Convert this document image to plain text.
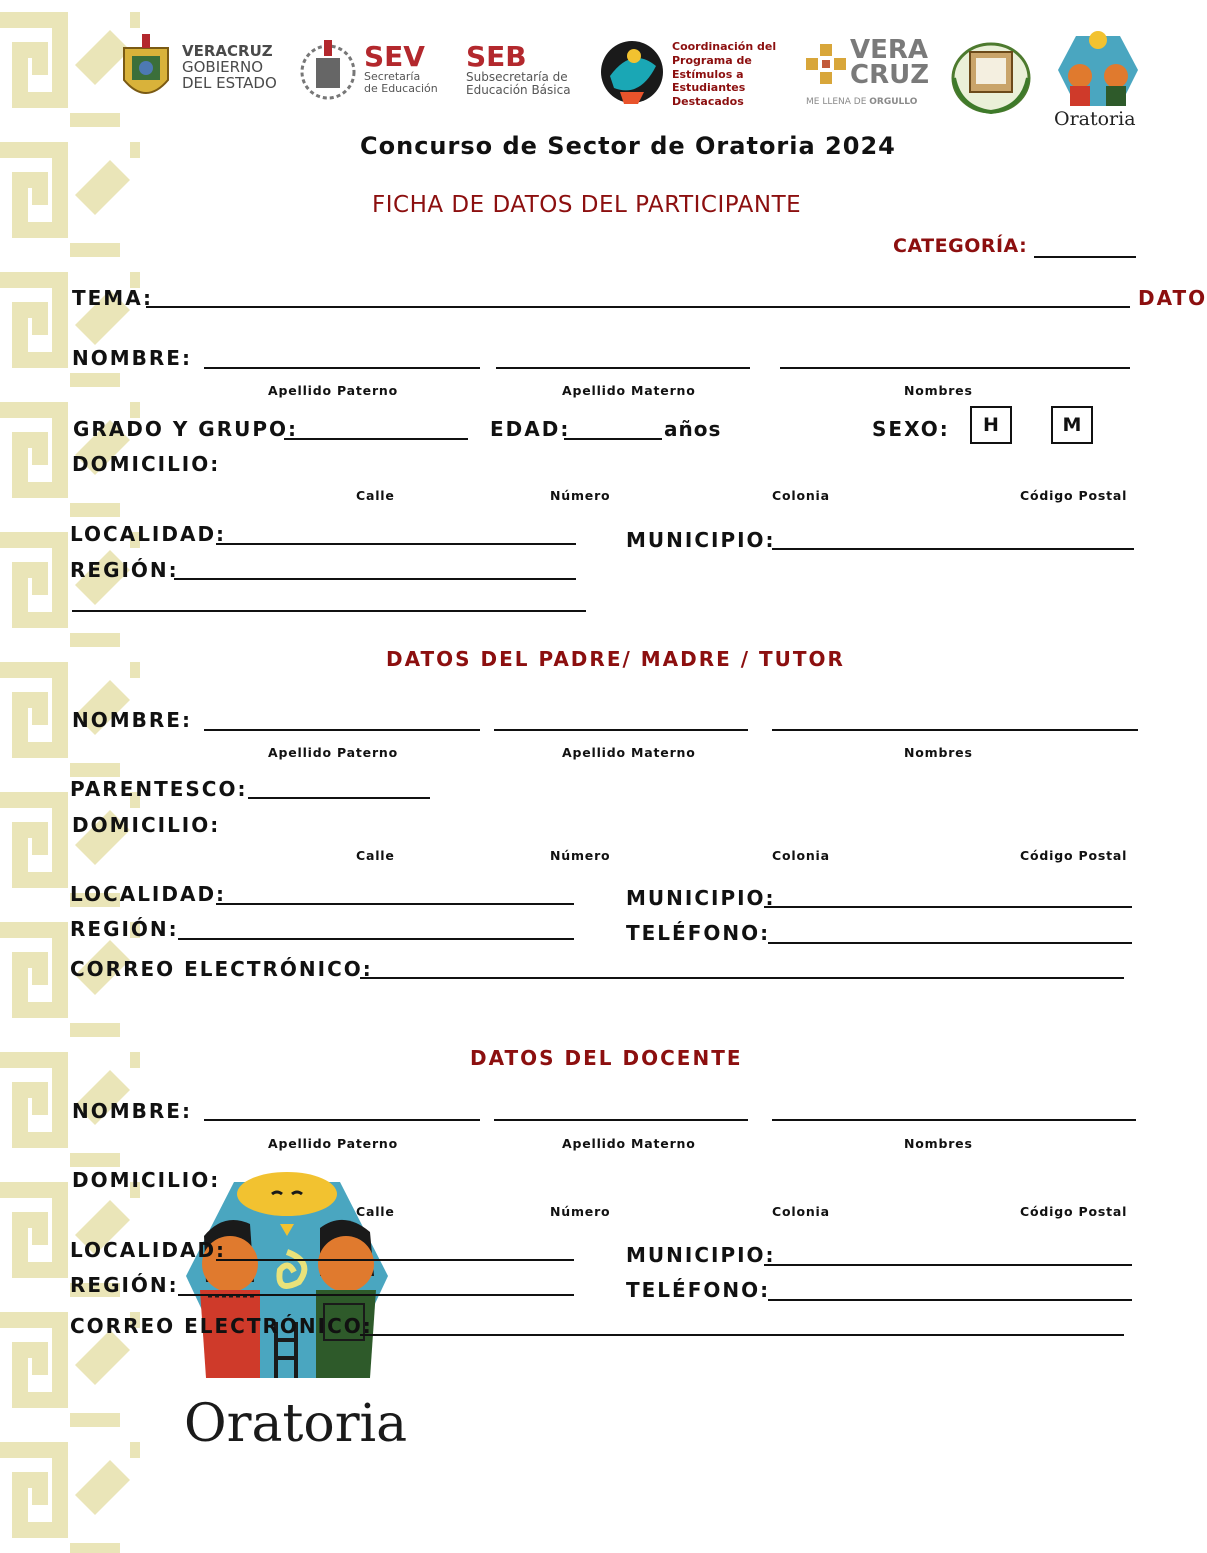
VERACRUZ
GOBIERNO
DEL ESTADO
SEV
Secretaría
de Educación
SEB
Subsecretaría de
Educación Básica
Coordinación del
Programa de
Estímulos a
Estudiantes
Destacados
VERA
CRUZ
ME LLENA DE ORGULLO
Oratoria
Concurso de Sector de Oratoria 2024
FICHA DE DATOS DEL PARTICIPANTE
CATEGORÍA:
TEMA:	DATO
NOMBRE:
Apellido Paterno	Apellido Materno	Nombres
GRADO Y GRUPO:	EDAD:	años	SEXO:	H	M
DOMICILIO:
Calle	Número	Colonia	Código Postal
LOCALIDAD:	MUNICIPIO:
REGIÓN:
DATOS DEL PADRE/ MADRE / TUTOR
NOMBRE:
Apellido Paterno	Apellido Materno	Nombres
PARENTESCO:
DOMICILIO:
Calle	Número	Colonia	Código Postal
LOCALIDAD:	MUNICIPIO:
REGIÓN:	TELÉFONO:
CORREO ELECTRÓNICO:
DATOS DEL DOCENTE
NOMBRE:
Apellido Paterno	Apellido Materno	Nombres
DOMICILIO:
Oratoria
Calle	Número	Colonia	Código Postal
LOCALIDAD:	MUNICIPIO:
REGIÓN:	TELÉFONO:
CORREO ELECTRÓNICO:
